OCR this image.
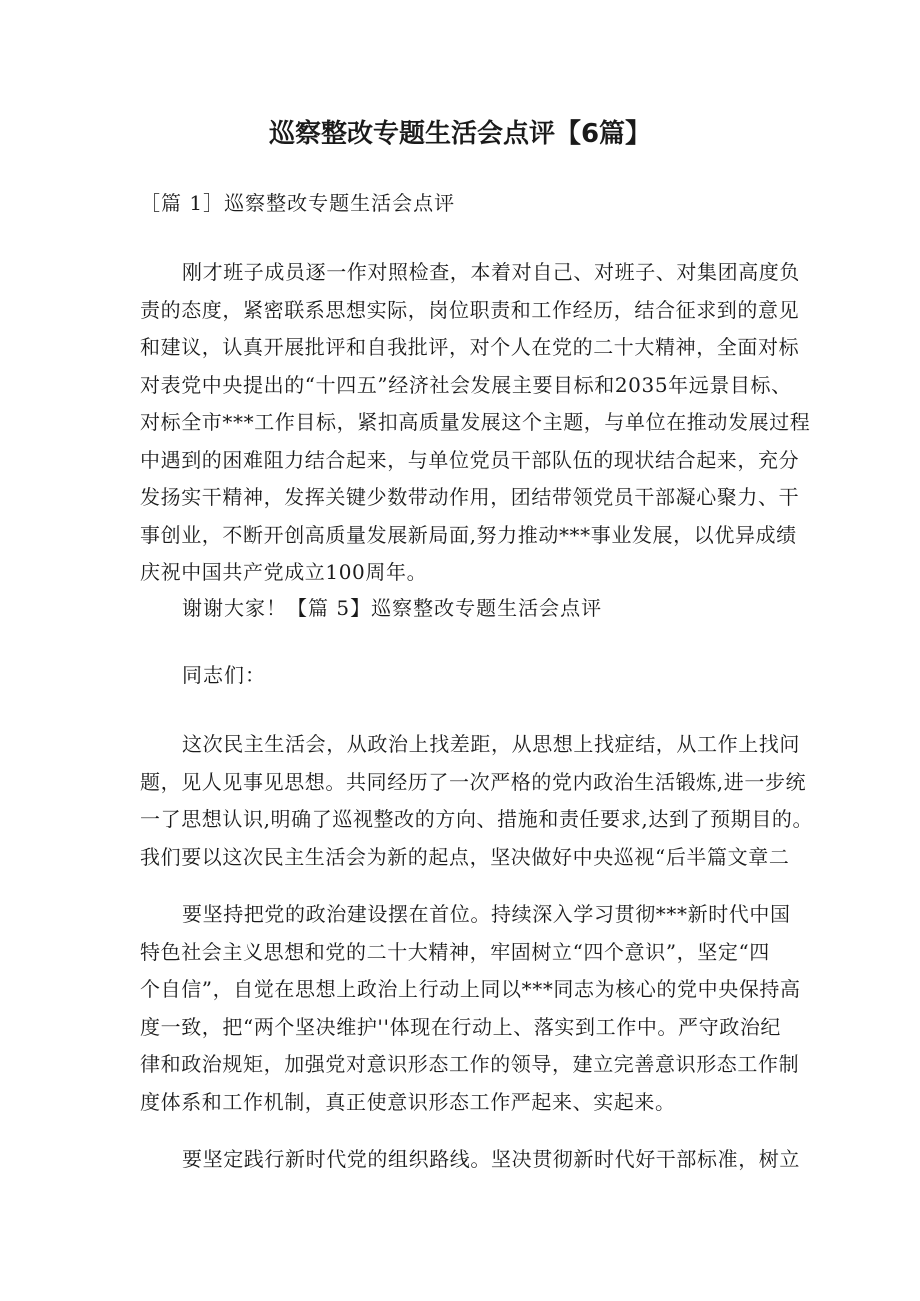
巡察整改专题生活会点评【6篇】

［篇 1］巡察整改专题生活会点评

刚才班子成员逐一作对照检查，本着对自己、对班子、对集团高度负
责的态度，紧密联系思想实际，岗位职责和工作经历，结合征求到的意见
和建议，认真开展批评和自我批评，对个人在党的二十大精神，全面对标
对表党中央提出的“十四五”经济社会发展主要目标和2035年远景目标、
对标全市***工作目标，紧扣高质量发展这个主题，与单位在推动发展过程
中遇到的困难阻力结合起来，与单位党员干部队伍的现状结合起来，充分
发扬实干精神，发挥关键少数带动作用，团结带领党员干部凝心聚力、干
事创业，不断开创高质量发展新局面,努力推动***事业发展，以优异成绩
庆祝中国共产党成立100周年。

谢谢大家！【篇 5】巡察整改专题生活会点评

同志们：

这次民主生活会，从政治上找差距，从思想上找症结，从工作上找问
题，见人见事见思想。共同经历了一次严格的党内政治生活锻炼,进一步统
一了思想认识,明确了巡视整改的方向、措施和责任要求,达到了预期目的。
我们要以这次民主生活会为新的起点，坚决做好中央巡视“后半篇文章二
要坚持把党的政治建设摆在首位。持续深入学习贯彻***新时代中国
特色社会主义思想和党的二十大精神，牢固树立“四个意识”，坚定“四
个自信”，自觉在思想上政治上行动上同以***同志为核心的党中央保持高
度一致，把“两个坚决维护''体现在行动上、落实到工作中。严守政治纪
律和政治规矩，加强党对意识形态工作的领导，建立完善意识形态工作制
度体系和工作机制，真正使意识形态工作严起来、实起来。
要坚定践行新时代党的组织路线。坚决贯彻新时代好干部标准，树立
